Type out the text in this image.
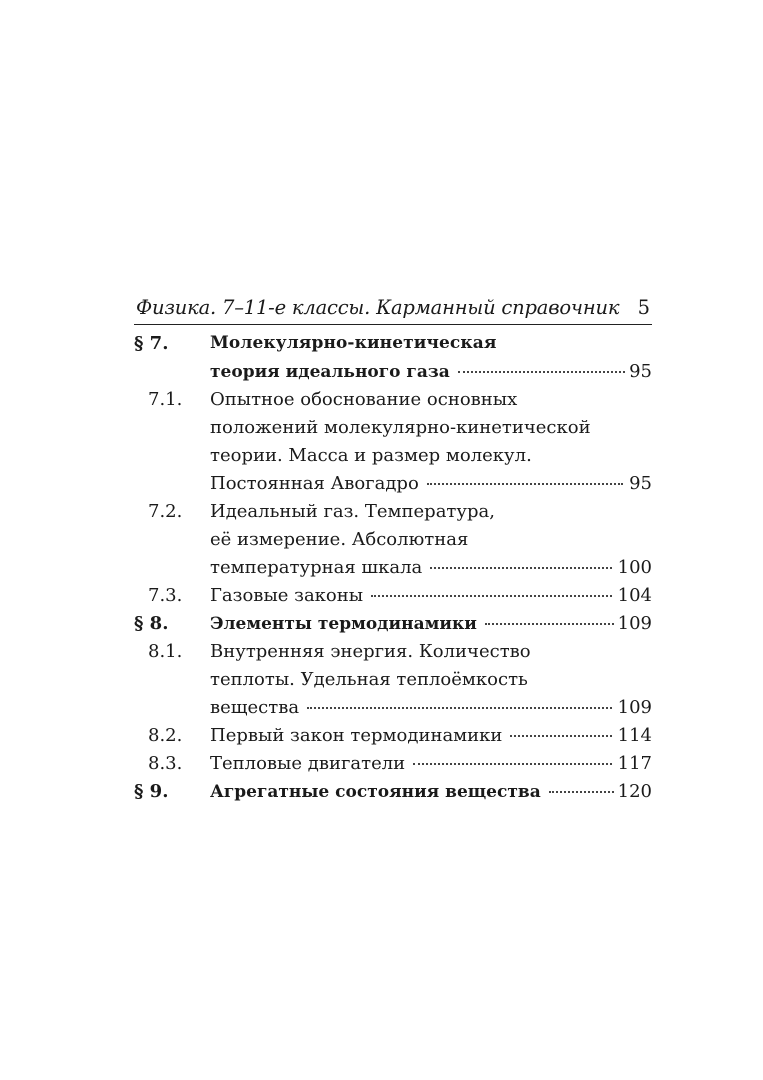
Физика. 7–11-е классы. Карманный справочник 5
§ 7.	Молекулярно-кинетическая
теория идеального газа	95
7.1.	Опытное обоснование основных
положений молекулярно-кинетической
теории. Масса и размер молекул.
Постоянная Авогадро	95
7.2.	Идеальный газ. Температура,
её измерение. Абсолютная
температурная шкала	100
7.3.	Газовые законы	104
§ 8.	Элементы термодинамики	109
8.1.	Внутренняя энергия. Количество
теплоты. Удельная теплоёмкость
вещества	109
8.2.	Первый закон термодинамики	114
8.3.	Тепловые двигатели	117
§ 9.	Агрегатные состояния вещества	120
